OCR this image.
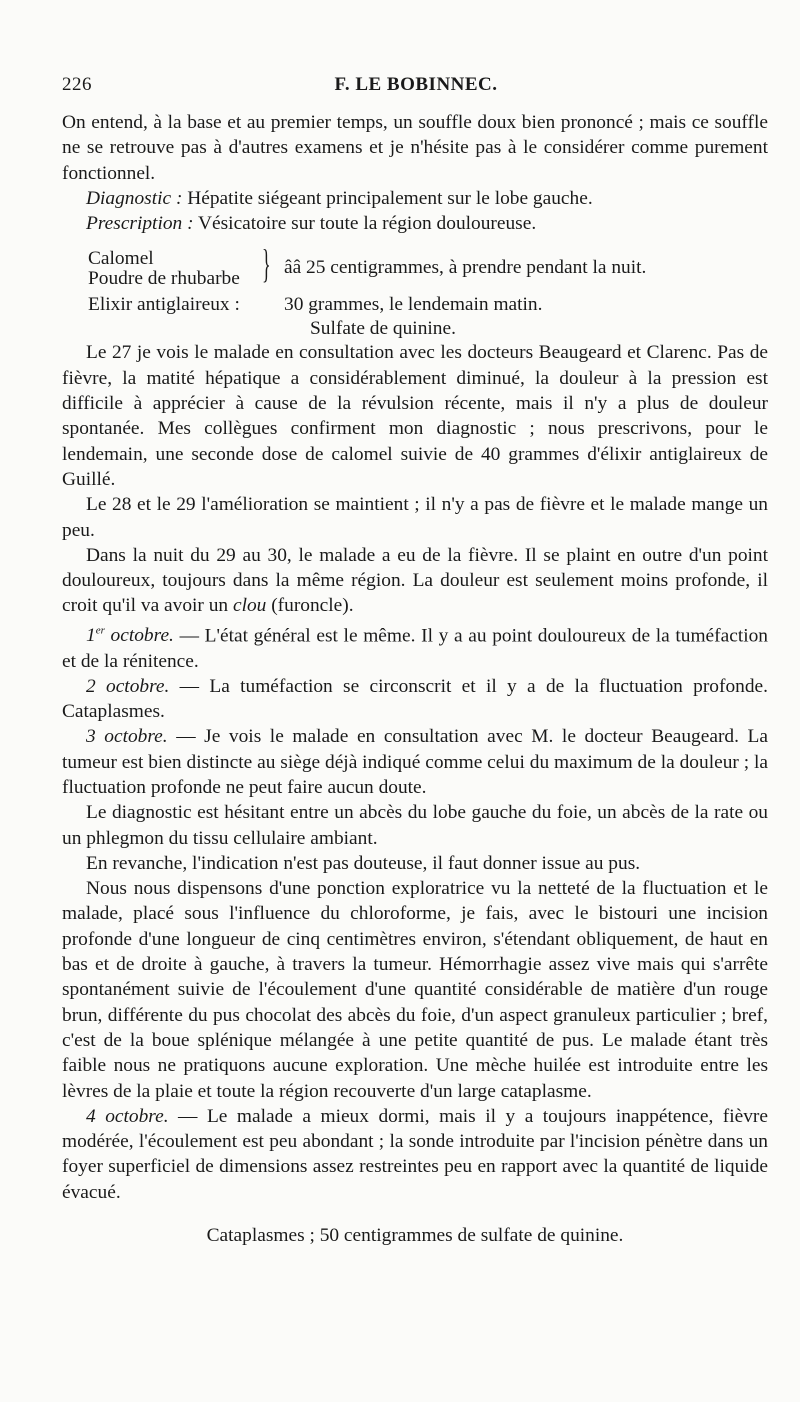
226	F. LE BOBINNEC.

On entend, à la base et au premier temps, un souffle doux bien prononcé ; mais ce souffle ne se retrouve pas à d'autres examens et je n'hésite pas à le considérer comme purement fonctionnel.

Diagnostic : Hépatite siégeant principalement sur le lobe gauche.

Prescription : Vésicatoire sur toute la région douloureuse.

Calomel
Poudre de rhubarbe } ââ 25 centigrammes, à prendre pendant la nuit.
Elixir antiglaireux : 30 grammes, le lendemain matin.
Sulfate de quinine.

Le 27 je vois le malade en consultation avec les docteurs Beaugeard et Clarenc. Pas de fièvre, la matité hépatique a considérablement diminué, la douleur à la pression est difficile à apprécier à cause de la révulsion récente, mais il n'y a plus de douleur spontanée. Mes collègues confirment mon diagnostic ; nous prescrivons, pour le lendemain, une seconde dose de calomel suivie de 40 grammes d'élixir antiglaireux de Guillé.

Le 28 et le 29 l'amélioration se maintient ; il n'y a pas de fièvre et le malade mange un peu.

Dans la nuit du 29 au 30, le malade a eu de la fièvre. Il se plaint en outre d'un point douloureux, toujours dans la même région. La douleur est seulement moins profonde, il croit qu'il va avoir un clou (furoncle).

1er octobre. — L'état général est le même. Il y a au point douloureux de la tuméfaction et de la rénitence.

2 octobre. — La tuméfaction se circonscrit et il y a de la fluctuation profonde. Cataplasmes.

3 octobre. — Je vois le malade en consultation avec M. le docteur Beaugeard. La tumeur est bien distincte au siège déjà indiqué comme celui du maximum de la douleur ; la fluctuation profonde ne peut faire aucun doute.

Le diagnostic est hésitant entre un abcès du lobe gauche du foie, un abcès de la rate ou un phlegmon du tissu cellulaire ambiant.

En revanche, l'indication n'est pas douteuse, il faut donner issue au pus.

Nous nous dispensons d'une ponction exploratrice vu la netteté de la fluctuation et le malade, placé sous l'influence du chloroforme, je fais, avec le bistouri une incision profonde d'une longueur de cinq centimètres environ, s'étendant obliquement, de haut en bas et de droite à gauche, à travers la tumeur. Hémorrhagie assez vive mais qui s'arrête spontanément suivie de l'écoulement d'une quantité considérable de matière d'un rouge brun, différente du pus chocolat des abcès du foie, d'un aspect granuleux particulier ; bref, c'est de la boue splénique mélangée à une petite quantité de pus. Le malade étant très faible nous ne pratiquons aucune exploration. Une mèche huilée est introduite entre les lèvres de la plaie et toute la région recouverte d'un large cataplasme.

4 octobre. — Le malade a mieux dormi, mais il y a toujours inappétence, fièvre modérée, l'écoulement est peu abondant ; la sonde introduite par l'incision pénètre dans un foyer superficiel de dimensions assez restreintes peu en rapport avec la quantité de liquide évacué.

Cataplasmes ; 50 centigrammes de sulfate de quinine.
